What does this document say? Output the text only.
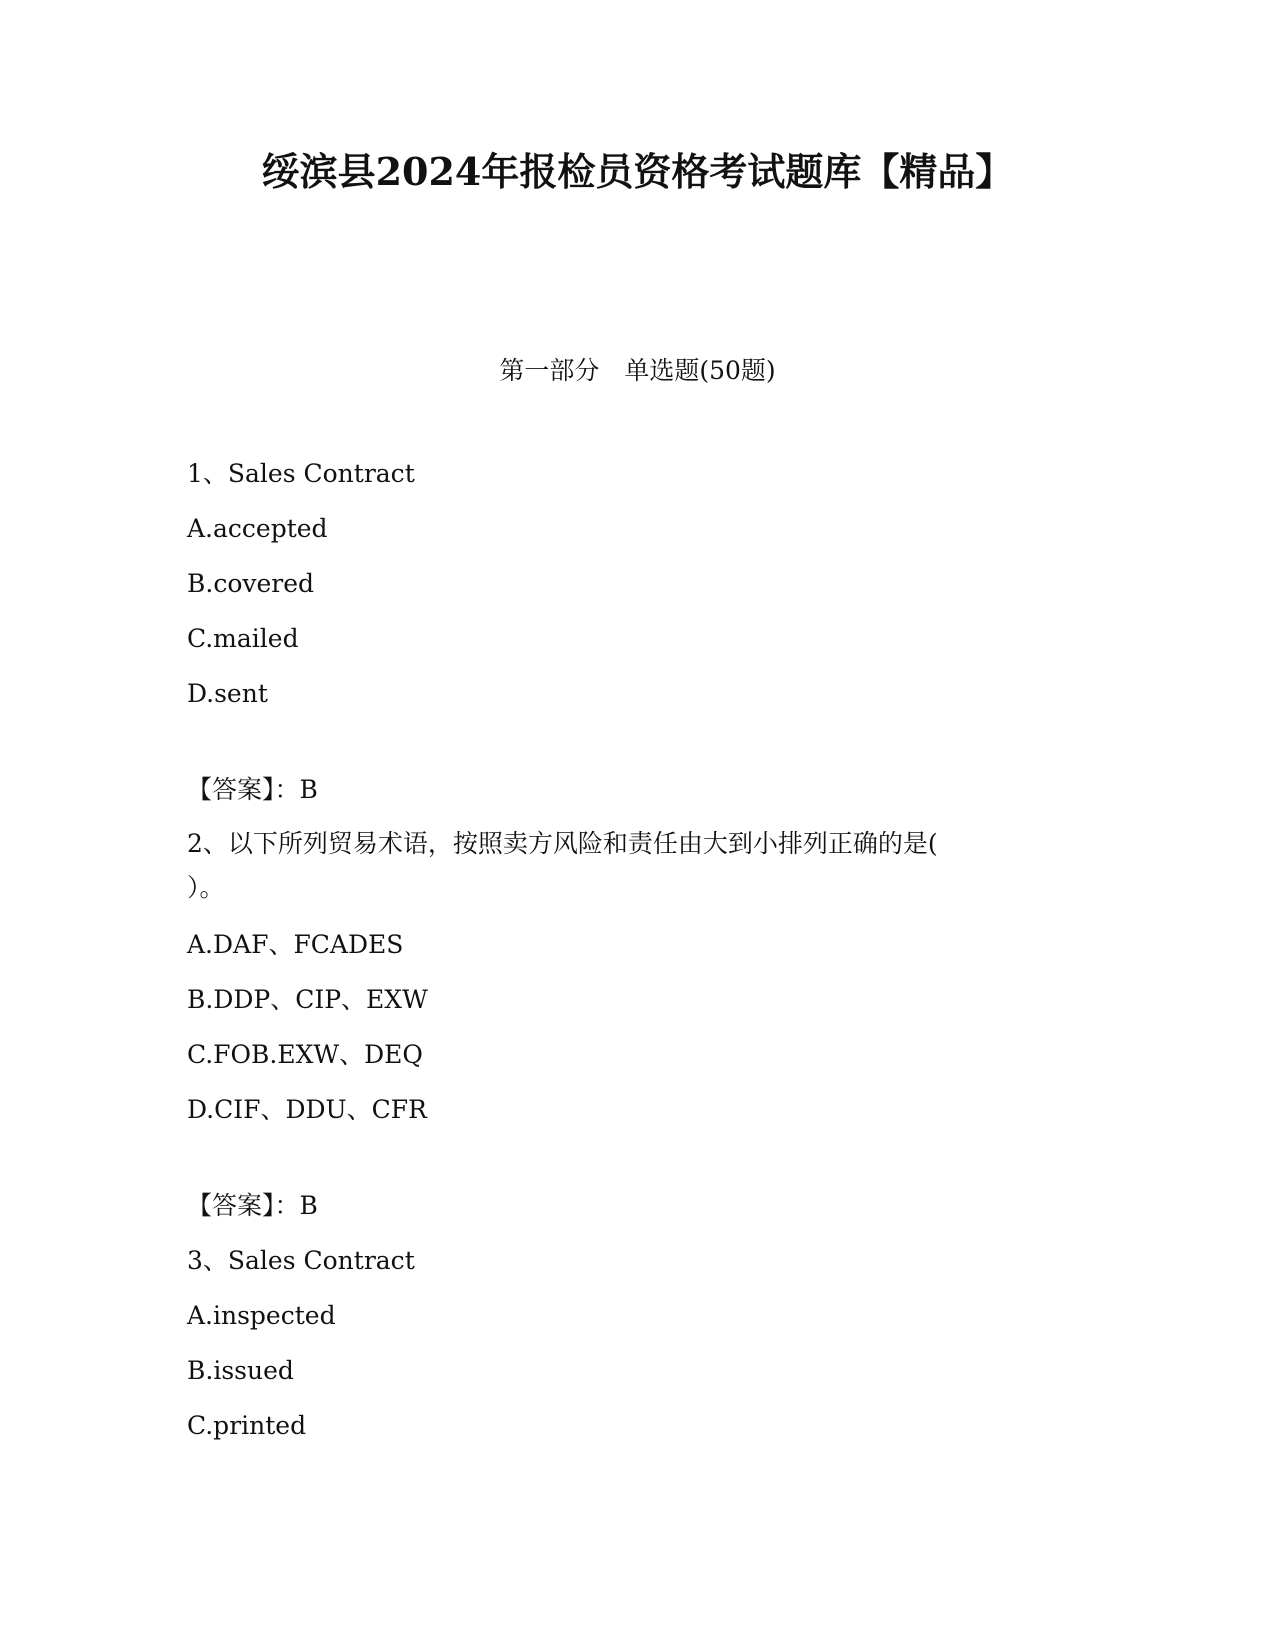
绥滨县2024年报检员资格考试题库【精品】
第一部分　单选题(50题)
1、Sales Contract
A.accepted
B.covered
C.mailed
D.sent
【答案】：B
2、以下所列贸易术语，按照卖方风险和责任由大到小排列正确的是(
）。
A.DAF、FCADES
B.DDP、CIP、EXW
C.FOB.EXW、DEQ
D.CIF、DDU、CFR
【答案】：B
3、Sales Contract
A.inspected
B.issued
C.printed
